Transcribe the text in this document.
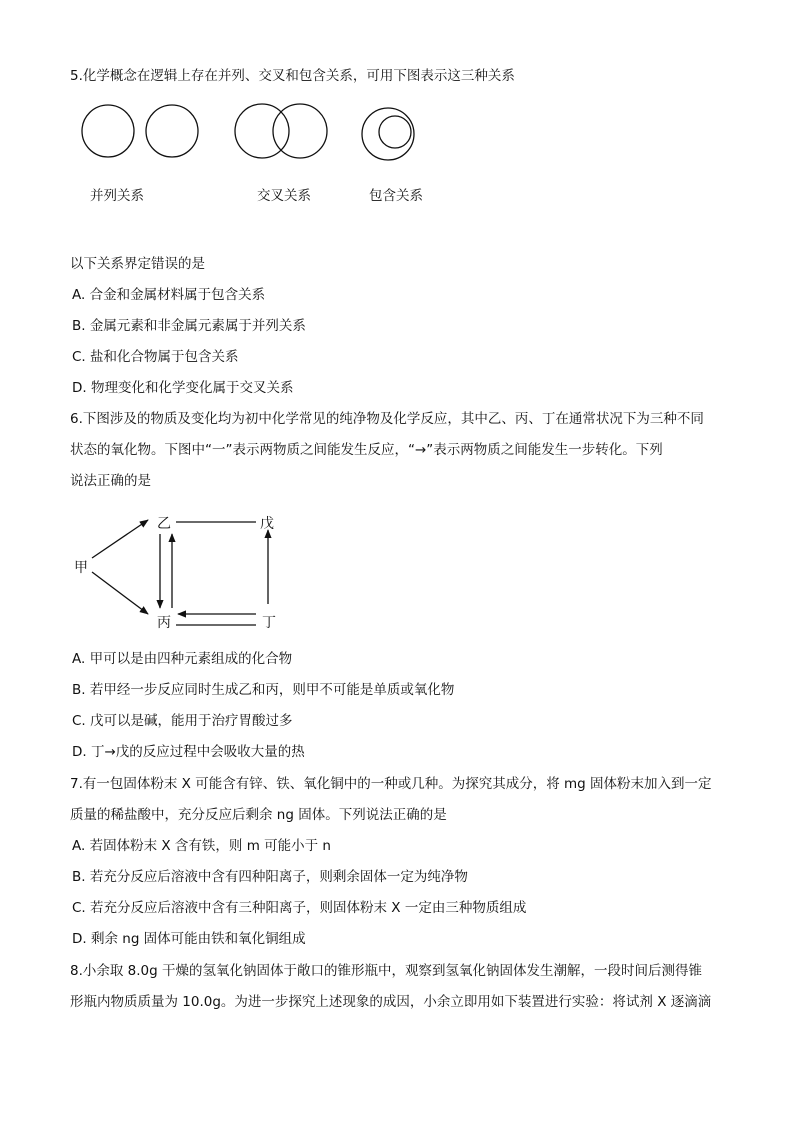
5.化学概念在逻辑上存在并列、交叉和包含关系，可用下图表示这三种关系
并列关系	交叉关系	包含关系
以下关系界定错误的是
A. 合金和金属材料属于包含关系
B. 金属元素和非金属元素属于并列关系
C. 盐和化合物属于包含关系
D. 物理变化和化学变化属于交叉关系
6.下图涉及的物质及变化均为初中化学常见的纯净物及化学反应，其中乙、丙、丁在通常状况下为三种不同
状态的氧化物。下图中“一”表示两物质之间能发生反应，“→”表示两物质之间能发生一步转化。下列
说法正确的是
甲
乙	戊
丙	丁
A. 甲可以是由四种元素组成的化合物
B. 若甲经一步反应同时生成乙和丙，则甲不可能是单质或氧化物
C. 戊可以是碱，能用于治疗胃酸过多
D. 丁→戊的反应过程中会吸收大量的热
7.有一包固体粉末 X 可能含有锌、铁、氧化铜中的一种或几种。为探究其成分，将 mg 固体粉末加入到一定
质量的稀盐酸中，充分反应后剩余 ng 固体。下列说法正确的是
A. 若固体粉末 X 含有铁，则 m 可能小于 n
B. 若充分反应后溶液中含有四种阳离子，则剩余固体一定为纯净物
C. 若充分反应后溶液中含有三种阳离子，则固体粉末 X 一定由三种物质组成
D. 剩余 ng 固体可能由铁和氧化铜组成
8.小余取 8.0g 干燥的氢氧化钠固体于敞口的锥形瓶中，观察到氢氧化钠固体发生潮解，一段时间后测得锥
形瓶内物质质量为 10.0g。为进一步探究上述现象的成因，小余立即用如下装置进行实验：将试剂 X 逐滴滴
